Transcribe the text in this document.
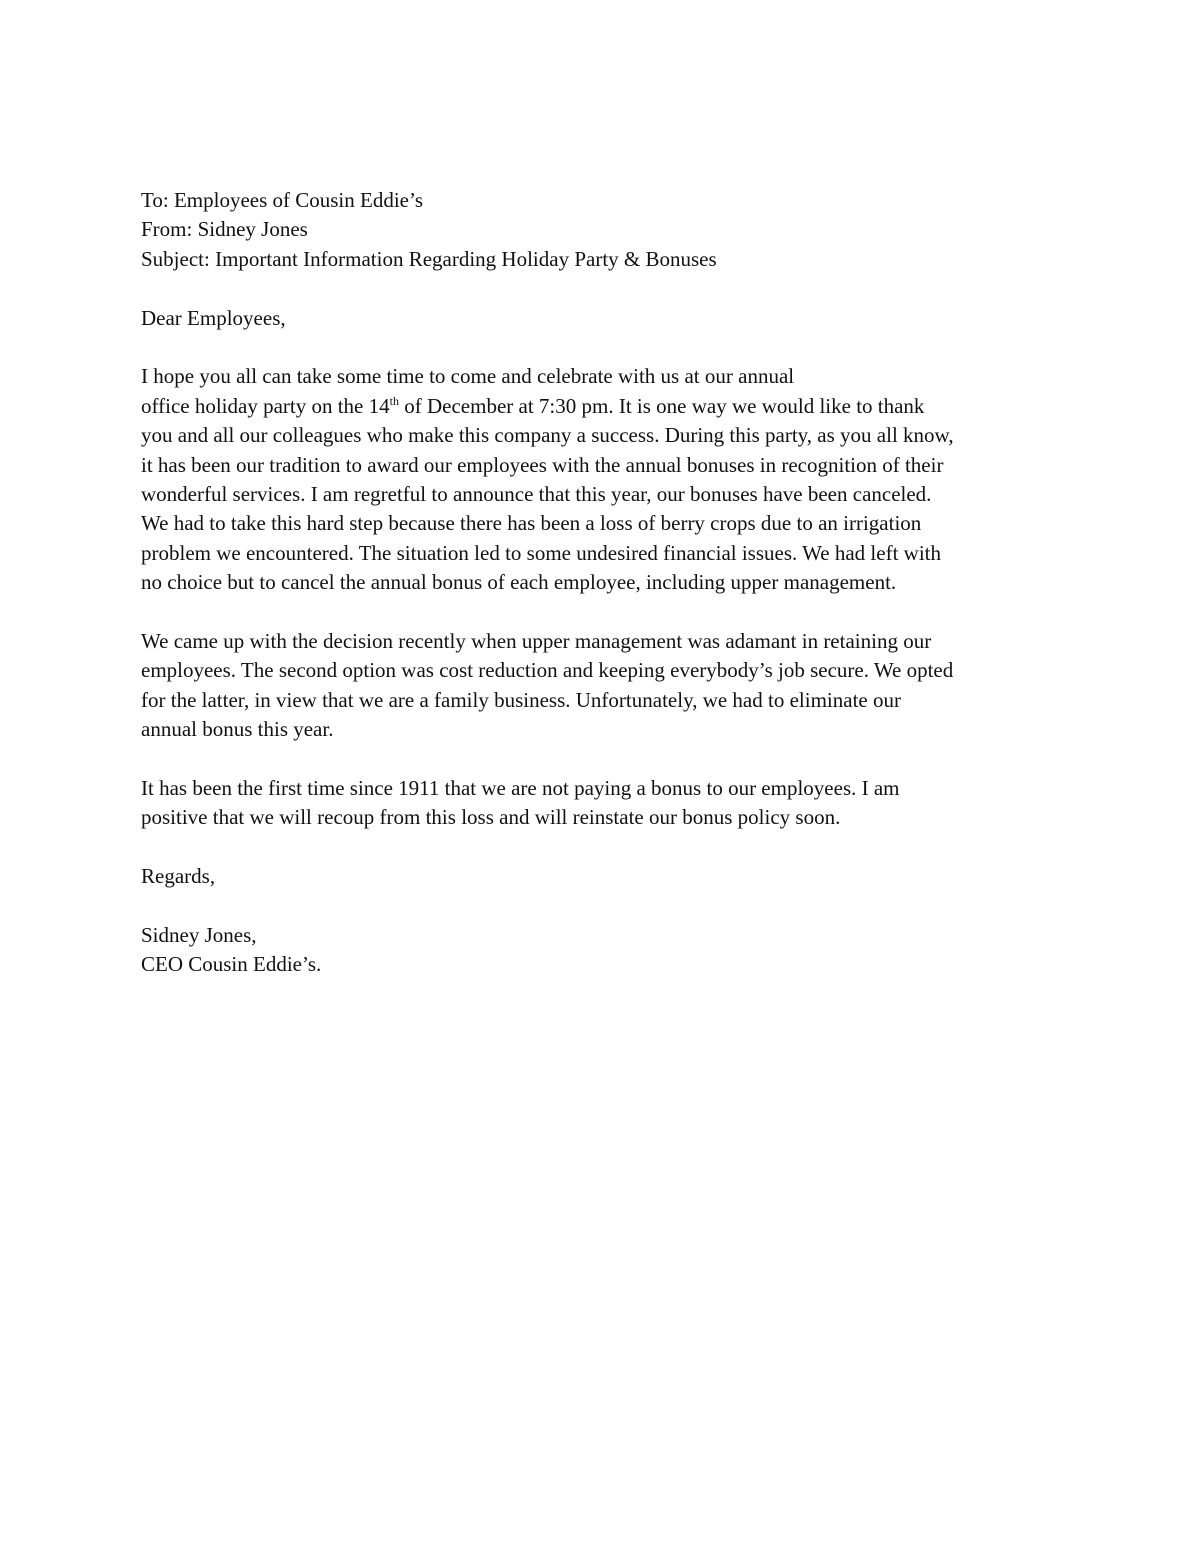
To: Employees of Cousin Eddie’s
From: Sidney Jones
Subject: Important Information Regarding Holiday Party & Bonuses
Dear Employees,
I hope you all can take some time to come and celebrate with us at our annual
office holiday party on the 14th of December at 7:30 pm. It is one way we would like to thank
you and all our colleagues who make this company a success. During this party, as you all know,
it has been our tradition to award our employees with the annual bonuses in recognition of their
wonderful services. I am regretful to announce that this year, our bonuses have been canceled.
We had to take this hard step because there has been a loss of berry crops due to an irrigation
problem we encountered. The situation led to some undesired financial issues. We had left with
no choice but to cancel the annual bonus of each employee, including upper management.
We came up with the decision recently when upper management was adamant in retaining our
employees. The second option was cost reduction and keeping everybody’s job secure. We opted
for the latter, in view that we are a family business. Unfortunately, we had to eliminate our
annual bonus this year.
It has been the first time since 1911 that we are not paying a bonus to our employees. I am
positive that we will recoup from this loss and will reinstate our bonus policy soon.
Regards,
Sidney Jones,
CEO Cousin Eddie’s.
